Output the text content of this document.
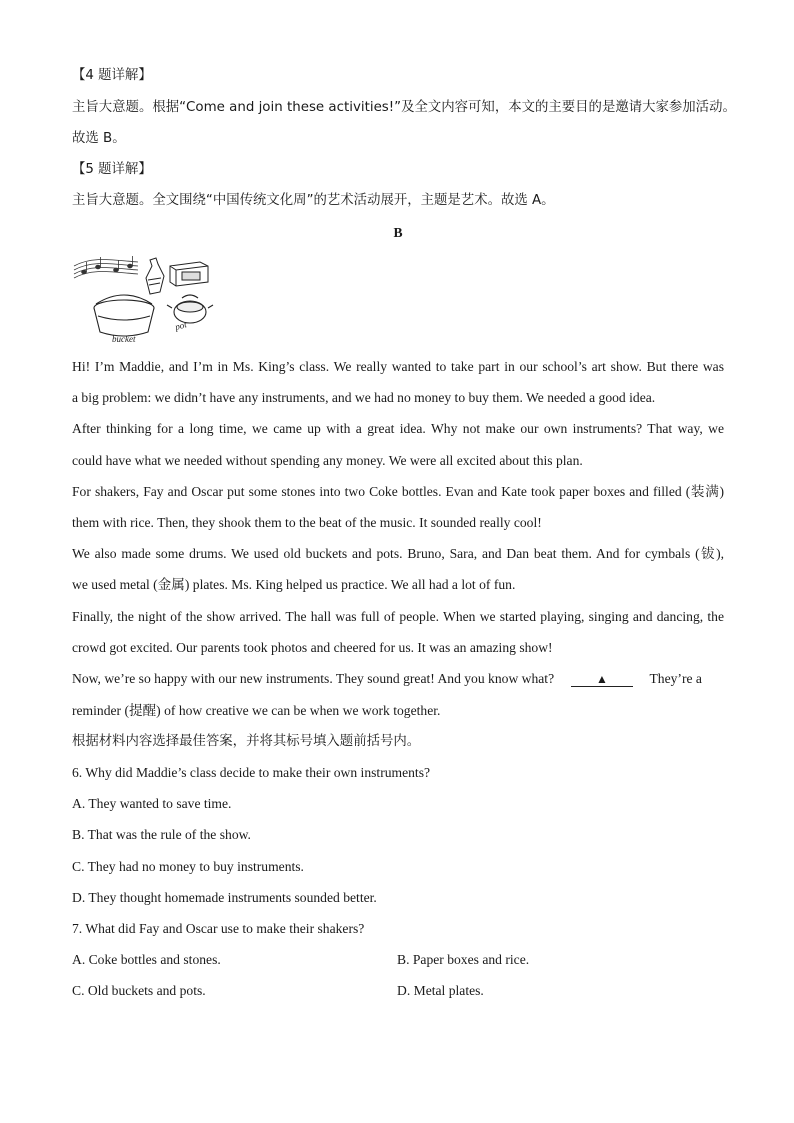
【4 题详解】
主旨大意题。根据“Come and join these activities!”及全文内容可知，本文的主要目的是邀请大家参加活动。
故选 B。
【5 题详解】
主旨大意题。全文围绕“中国传统文化周”的艺术活动展开，主题是艺术。故选 A。
B
Hi! I’m Maddie, and I’m in Ms. King’s class. We really wanted to take part in our school’s art show. But there was
a big problem: we didn’t have any instruments, and we had no money to buy them. We needed a good idea.
After thinking for a long time, we came up with a great idea. Why not make our own instruments? That way, we
could have what we needed without spending any money. We were all excited about this plan.
For shakers, Fay and Oscar put some stones into two Coke bottles. Evan and Kate took paper boxes and filled (装满)
them with rice. Then, they shook them to the beat of the music. It sounded really cool!
We also made some drums. We used old buckets and pots. Bruno, Sara, and Dan beat them. And for cymbals (钹),
we used metal (金属) plates. Ms. King helped us practice. We all had a lot of fun.
Finally, the night of the show arrived. The hall was full of people. When we started playing, singing and dancing, the
crowd got excited. Our parents took photos and cheered for us. It was an amazing show!
Now, we’re so happy with our new instruments. They sound great! And you know what?	▲	They’re a
reminder (提醒) of how creative we can be when we work together.
根据材料内容选择最佳答案，并将其标号填入题前括号内。
6. Why did Maddie’s class decide to make their own instruments?
A. They wanted to save time.
B. That was the rule of the show.
C. They had no money to buy instruments.
D. They thought homemade instruments sounded better.
7. What did Fay and Oscar use to make their shakers?
A. Coke bottles and stones.	B. Paper boxes and rice.
C. Old buckets and pots.	D. Metal plates.
bucket
pot
